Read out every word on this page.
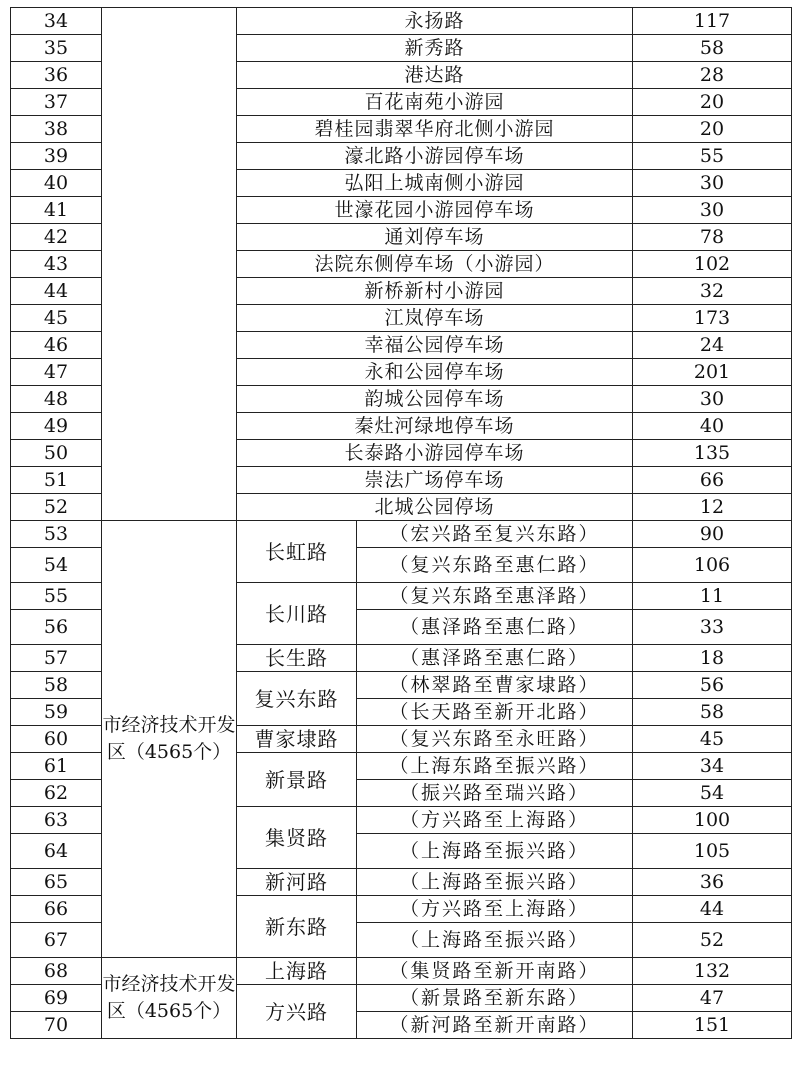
34		永扬路		117
35		新秀路		58
36		港达路		28
37		百花南苑小游园		20
38		碧桂园翡翠华府北侧小游园		20
39		濠北路小游园停车场		55
40		弘阳上城南侧小游园		30
41		世濠花园小游园停车场		30
42		通刘停车场		78
43		法院东侧停车场（小游园）		102
44		新桥新村小游园		32
45		江岚停车场		173
46		幸福公园停车场		24
47		永和公园停车场		201
48		韵城公园停车场		30
49		秦灶河绿地停车场		40
50		长泰路小游园停车场		135
51		崇法广场停车场		66
52		北城公园停场		12
53	市经济技术开发区（4565个）	长虹路	（宏兴路至复兴东路）	90
54			（复兴东路至惠仁路）	106
55		长川路	（复兴东路至惠泽路）	11
56			（惠泽路至惠仁路）	33
57		长生路	（惠泽路至惠仁路）	18
58		复兴东路	（林翠路至曹家埭路）	56
59			（长天路至新开北路）	58
60		曹家埭路	（复兴东路至永旺路）	45
61		新景路	（上海东路至振兴路）	34
62			（振兴路至瑞兴路）	54
63		集贤路	（方兴路至上海路）	100
64			（上海路至振兴路）	105
65		新河路	（上海路至振兴路）	36
66		新东路	（方兴路至上海路）	44
67			（上海路至振兴路）	52
68	市经济技术开发区（4565个）	上海路	（集贤路至新开南路）	132
69		方兴路	（新景路至新东路）	47
70			（新河路至新开南路）	151
